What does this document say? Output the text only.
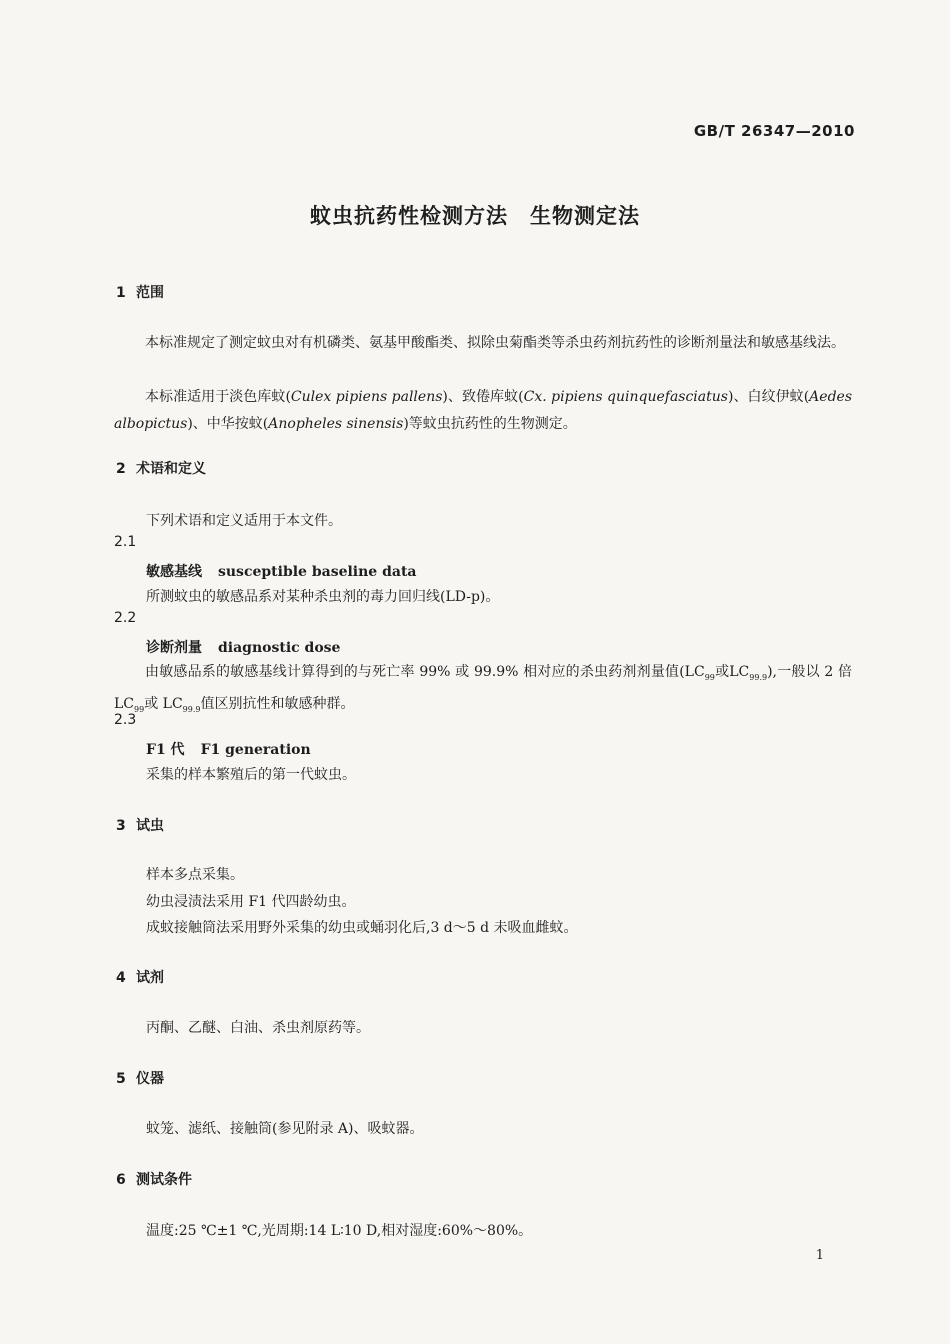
GB/T 26347—2010
蚊虫抗药性检测方法　生物测定法
1 范围
本标准规定了测定蚊虫对有机磷类、氨基甲酸酯类、拟除虫菊酯类等杀虫药剂抗药性的诊断剂量法和敏感基线法。
本标准适用于淡色库蚊(Culex pipiens pallens)、致倦库蚊(Cx. pipiens quinquefasciatus)、白纹伊蚊(Aedes albopictus)、中华按蚊(Anopheles sinensis)等蚊虫抗药性的生物测定。
2 术语和定义
下列术语和定义适用于本文件。
2.1
敏感基线 susceptible baseline data
所测蚊虫的敏感品系对某种杀虫剂的毒力回归线(LD-p)。
2.2
诊断剂量 diagnostic dose
由敏感品系的敏感基线计算得到的与死亡率 99% 或 99.9% 相对应的杀虫药剂剂量值($LC_{99}$或$LC_{99.9}$),一般以 2 倍 $LC_{99}$或 $LC_{99.9}$值区别抗性和敏感种群。
2.3
F1 代 F1 generation
采集的样本繁殖后的第一代蚊虫。
3 试虫
样本多点采集。
幼虫浸渍法采用 F1 代四龄幼虫。
成蚊接触筒法采用野外采集的幼虫或蛹羽化后,3 d～5 d 未吸血雌蚊。
4 试剂
丙酮、乙醚、白油、杀虫剂原药等。
5 仪器
蚊笼、滤纸、接触筒(参见附录 A)、吸蚊器。
6 测试条件
温度:25 ℃±1 ℃,光周期:14 L∶10 D,相对湿度:60%～80%。
1
